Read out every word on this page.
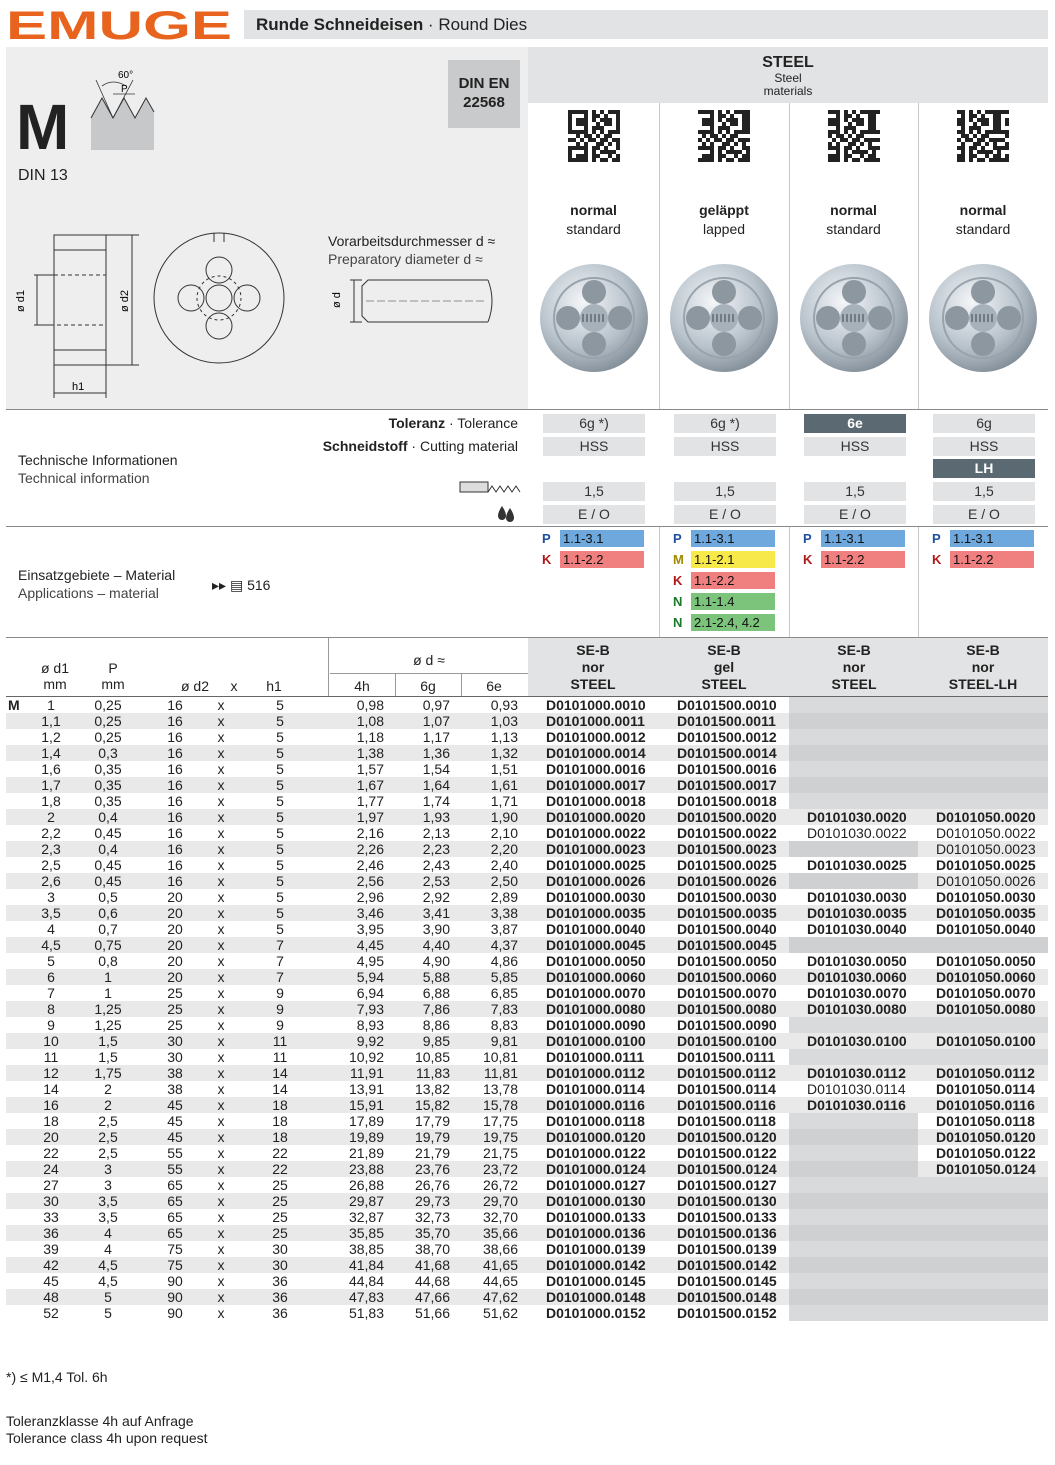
EMUGE Runde Schneideisen · Round Dies
M
DIN 13
60°
P	DIN EN
22568
ø d1	ø d2
h1
Vorarbeitsdurchmesser d ≈
Preparatory diameter d ≈
ø d
STEEL
Steel
materials
Toleranz · Tolerance
Schneidstoff · Cutting material
Technische Informationen
Technical information
Einsatzgebiete – Material
Applications – material	▸▸ ▤ 516
ø d1
mm
P
mm	ø d2	x	h1
ø d ≈
4h	6g	6e
M	1	0,25	16	x	5	0,98	0,97	0,93	D0101000.0010	D0101500.0010		
	1,1	0,25	16	x	5	1,08	1,07	1,03	D0101000.0011	D0101500.0011		
	1,2	0,25	16	x	5	1,18	1,17	1,13	D0101000.0012	D0101500.0012		
	1,4	0,3	16	x	5	1,38	1,36	1,32	D0101000.0014	D0101500.0014		
	1,6	0,35	16	x	5	1,57	1,54	1,51	D0101000.0016	D0101500.0016		
	1,7	0,35	16	x	5	1,67	1,64	1,61	D0101000.0017	D0101500.0017		
	1,8	0,35	16	x	5	1,77	1,74	1,71	D0101000.0018	D0101500.0018		
	2	0,4	16	x	5	1,97	1,93	1,90	D0101000.0020	D0101500.0020	D0101030.0020	D0101050.0020
	2,2	0,45	16	x	5	2,16	2,13	2,10	D0101000.0022	D0101500.0022	D0101030.0022	D0101050.0022
	2,3	0,4	16	x	5	2,26	2,23	2,20	D0101000.0023	D0101500.0023		D0101050.0023
	2,5	0,45	16	x	5	2,46	2,43	2,40	D0101000.0025	D0101500.0025	D0101030.0025	D0101050.0025
	2,6	0,45	16	x	5	2,56	2,53	2,50	D0101000.0026	D0101500.0026		D0101050.0026
	3	0,5	20	x	5	2,96	2,92	2,89	D0101000.0030	D0101500.0030	D0101030.0030	D0101050.0030
	3,5	0,6	20	x	5	3,46	3,41	3,38	D0101000.0035	D0101500.0035	D0101030.0035	D0101050.0035
	4	0,7	20	x	5	3,95	3,90	3,87	D0101000.0040	D0101500.0040	D0101030.0040	D0101050.0040
	4,5	0,75	20	x	7	4,45	4,40	4,37	D0101000.0045	D0101500.0045		
	5	0,8	20	x	7	4,95	4,90	4,86	D0101000.0050	D0101500.0050	D0101030.0050	D0101050.0050
	6	1	20	x	7	5,94	5,88	5,85	D0101000.0060	D0101500.0060	D0101030.0060	D0101050.0060
	7	1	25	x	9	6,94	6,88	6,85	D0101000.0070	D0101500.0070	D0101030.0070	D0101050.0070
	8	1,25	25	x	9	7,93	7,86	7,83	D0101000.0080	D0101500.0080	D0101030.0080	D0101050.0080
	9	1,25	25	x	9	8,93	8,86	8,83	D0101000.0090	D0101500.0090		
	10	1,5	30	x	11	9,92	9,85	9,81	D0101000.0100	D0101500.0100	D0101030.0100	D0101050.0100
	11	1,5	30	x	11	10,92	10,85	10,81	D0101000.0111	D0101500.0111		
	12	1,75	38	x	14	11,91	11,83	11,81	D0101000.0112	D0101500.0112	D0101030.0112	D0101050.0112
	14	2	38	x	14	13,91	13,82	13,78	D0101000.0114	D0101500.0114	D0101030.0114	D0101050.0114
	16	2	45	x	18	15,91	15,82	15,78	D0101000.0116	D0101500.0116	D0101030.0116	D0101050.0116
	18	2,5	45	x	18	17,89	17,79	17,75	D0101000.0118	D0101500.0118		D0101050.0118
	20	2,5	45	x	18	19,89	19,79	19,75	D0101000.0120	D0101500.0120		D0101050.0120
	22	2,5	55	x	22	21,89	21,79	21,75	D0101000.0122	D0101500.0122		D0101050.0122
	24	3	55	x	22	23,88	23,76	23,72	D0101000.0124	D0101500.0124		D0101050.0124
	27	3	65	x	25	26,88	26,76	26,72	D0101000.0127	D0101500.0127		
	30	3,5	65	x	25	29,87	29,73	29,70	D0101000.0130	D0101500.0130		
	33	3,5	65	x	25	32,87	32,73	32,70	D0101000.0133	D0101500.0133		
	36	4	65	x	25	35,85	35,70	35,66	D0101000.0136	D0101500.0136		
	39	4	75	x	30	38,85	38,70	38,66	D0101000.0139	D0101500.0139		
	42	4,5	75	x	30	41,84	41,68	41,65	D0101000.0142	D0101500.0142		
	45	4,5	90	x	36	44,84	44,68	44,65	D0101000.0145	D0101500.0145		
	48	5	90	x	36	47,83	47,66	47,62	D0101000.0148	D0101500.0148		
	52	5	90	x	36	51,83	51,66	51,62	D0101000.0152	D0101500.0152		
*) ≤ M1,4 Tol. 6h
Toleranzklasse 4h auf Anfrage
Tolerance class 4h upon request
normal
standard
geläppt
lapped
normal
standard
normal
standard
6g *)
HSS
1,5
E / O
P 1.1-3.1
K 1.1-2.2
SE-B
nor
STEEL
6g *)
HSS
1,5
E / O
P 1.1-3.1
M 1.1-2.1
K 1.1-2.2
N 1.1-1.4
N 2.1-2.4, 4.2
SE-B
gel
STEEL
6e
HSS
1,5
E / O
P 1.1-3.1
K 1.1-2.2
SE-B
nor
STEEL
6g
HSS
LH
1,5
E / O
P 1.1-3.1
K 1.1-2.2
SE-B
nor
STEEL-LH
